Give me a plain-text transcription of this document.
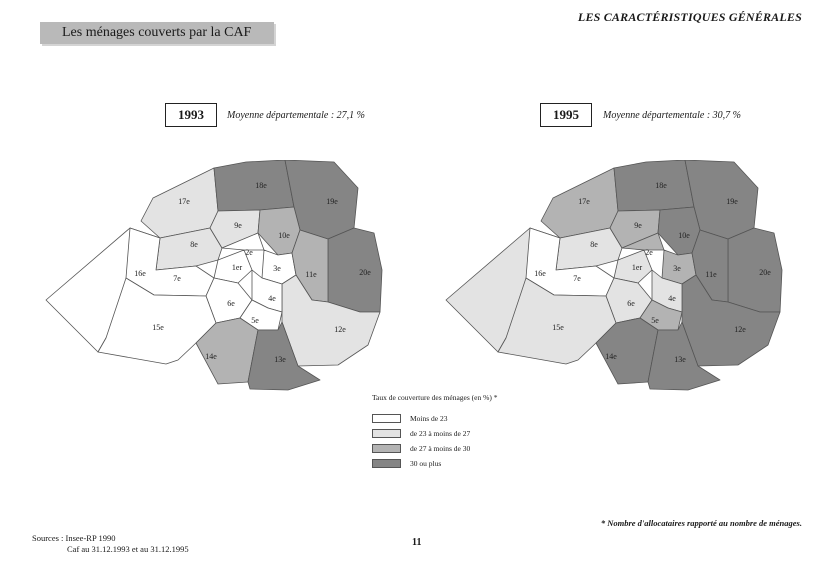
Les ménages couverts par la CAF
LES CARACTÉRISTIQUES GÉNÉRALES
1993	Moyenne départementale : 27,1 %	1995	Moyenne départementale : 30,7 %
17e
18e
19e
9e
8e
10e
16e
7e
1er
2e
3e
11e	20e
4e
6e
5e
15e	12e
14e	13e
17e
18e
19e
9e
8e
10e
16e
7e
1er
2e
3e
11e	20e
4e
6e
5e
15e	12e
14e	13e
Taux de couverture des ménages (en %) *
Moins de 23
de 23 à moins de 27
de 27 à moins de 30
30 ou plus
* Nombre d'allocataires rapporté au nombre de ménages.
Sources : Insee-RP 1990
Caf au 31.12.1993 et au 31.12.1995
11
